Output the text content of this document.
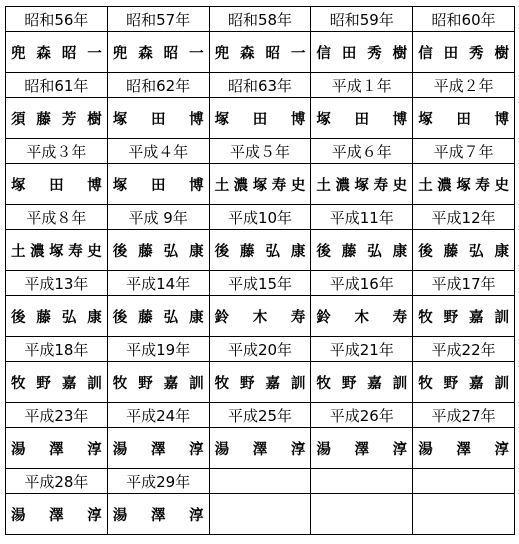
昭和56年	昭和57年	昭和58年	昭和59年	昭和60年

兜 森 昭 一	兜 森 昭 一	兜 森 昭 一	信 田 秀 樹	信 田 秀 樹

昭和61年	昭和62年	昭和63年	平成１年	平成２年

須 藤 芳 樹	塚 田 博	塚 田 博	塚 田 博	塚 田 博

平成３年	平成４年	平成５年	平成６年	平成７年

塚 田 博	塚 田 博	土 濃 塚 寿 史	土 濃 塚 寿 史	土 濃 塚 寿 史

平成８年	平成 9年	平成10年	平成11年	平成12年

土 濃 塚 寿 史	後 藤 弘 康	後 藤 弘 康	後 藤 弘 康	後 藤 弘 康

平成13年	平成14年	平成15年	平成16年	平成17年

後 藤 弘 康	後 藤 弘 康	鈴 木 寿	鈴 木 寿	牧 野 嘉 訓

平成18年	平成19年	平成20年	平成21年	平成22年

牧 野 嘉 訓	牧 野 嘉 訓	牧 野 嘉 訓	牧 野 嘉 訓	牧 野 嘉 訓

平成23年	平成24年	平成25年	平成26年	平成27年

湯 澤 淳	湯 澤 淳	湯 澤 淳	湯 澤 淳	湯 澤 淳

平成28年	平成29年			

湯 澤 淳	湯 澤 淳			
